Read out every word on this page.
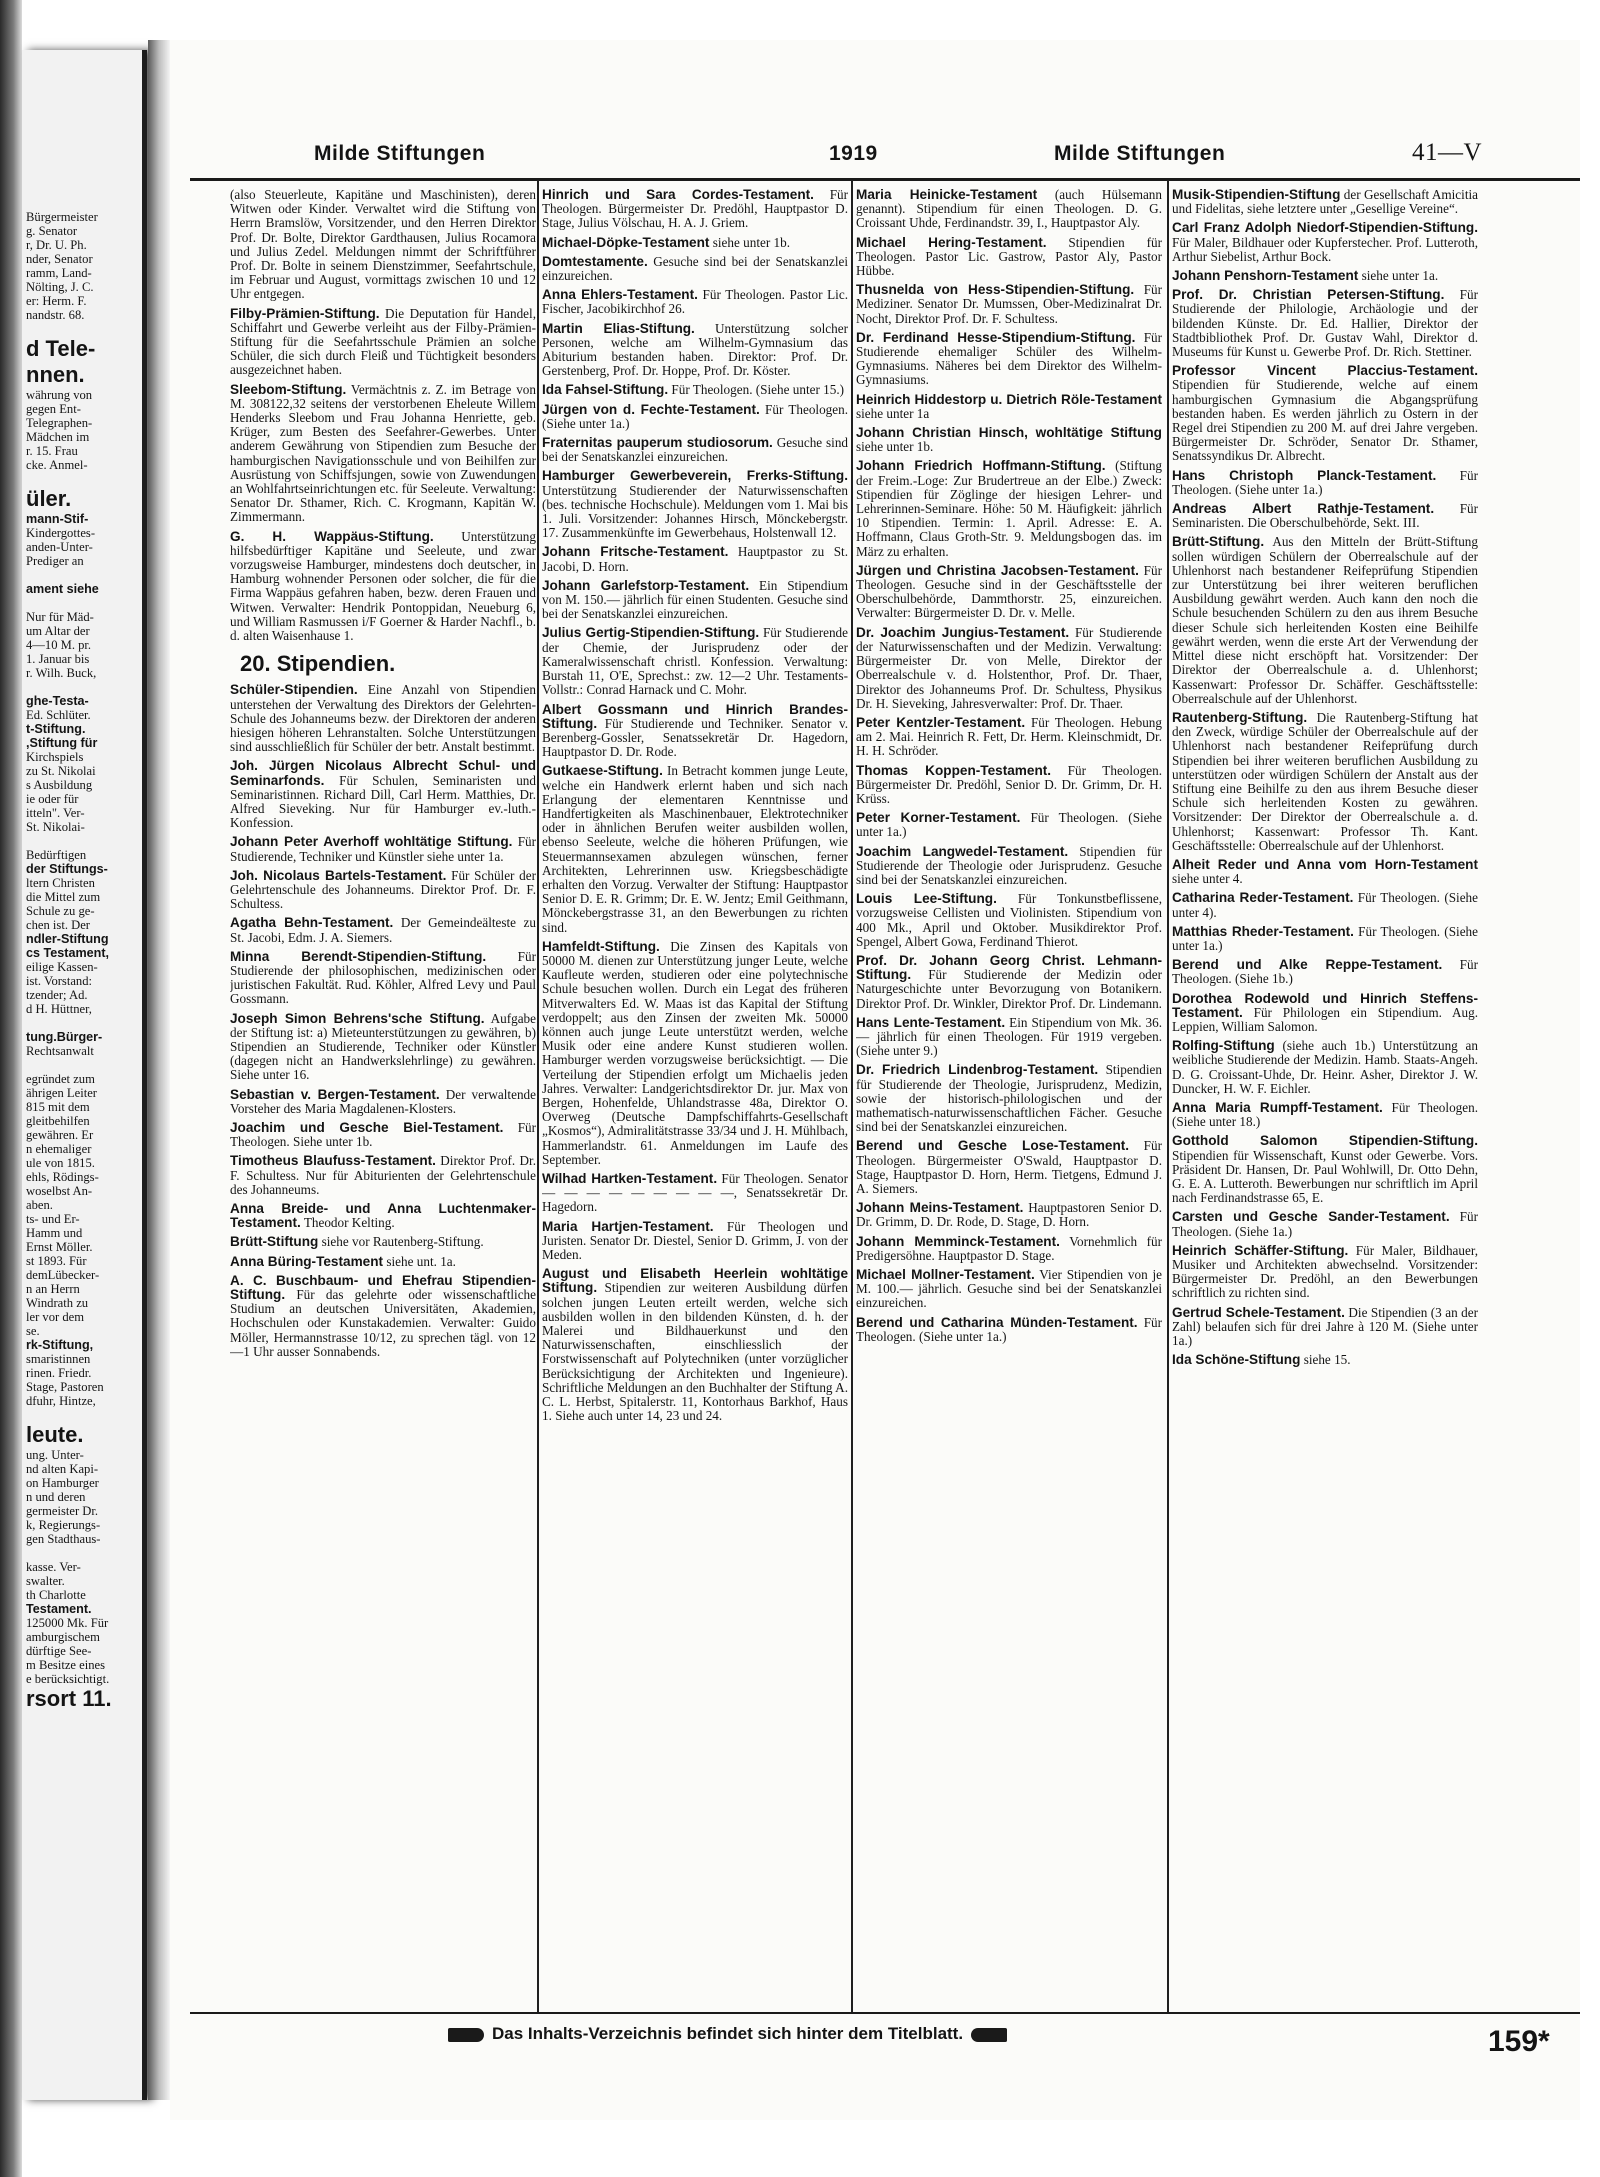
Bürgermeister
g. Senator
r, Dr. U. Ph.
nder, Senator
ramm, Land-
Nölting, J. C.
er: Herm. F.
nandstr. 68.
d Tele-
nnen.
währung von
gegen Ent-
Telegraphen-
Mädchen im
r. 15. Frau
cke. Anmel-
üler.
mann-Stif-
Kindergottes-
anden-Unter-
Prediger an
ament siehe
Nur für Mäd-
um Altar der
4—10 M. pr.
1. Januar bis
r. Wilh. Buck,
ghe-Testa-
Ed. Schlüter.
t-Stiftung.
,Stiftung für
Kirchspiels
zu St. Nikolai
s Ausbildung
ie oder für
itteln". Ver-
St. Nikolai-
Bedürftigen
der Stiftungs-
ltern Christen
die Mittel zum
Schule zu ge-
chen ist. Der
ndler-Stiftung
cs Testament,
eilige Kassen-
ist. Vorstand:
tzender; Ad.
d H. Hüttner,
tung.Bürger-
Rechtsanwalt
egründet zum
ährigen Leiter
815 mit dem
gleitbehilfen
gewähren. Er
n ehemaliger
ule von 1815.
ehls, Rödings-
woselbst An-
aben.
ts- und Er-
Hamm und
Ernst Möller.
st 1893. Für
demLübecker-
n an Herrn
Windrath zu
ler vor dem
se.
rk-Stiftung,
smaristinnen
rinen. Friedr.
Stage, Pastoren
dfuhr, Hintze,
leute.
ung. Unter-
nd alten Kapi-
on Hamburger
n und deren
germeister Dr.
k, Regierungs-
gen Stadthaus-
kasse. Ver-
swalter.
th Charlotte
Testament.
125000 Mk. Für
amburgischem
dürftige See-
m Besitze eines
e berücksichtigt.
rsort 11.
Milde Stiftungen	1919	Milde Stiftungen	41—V
(also Steuerleute, Kapitäne und Maschinisten), deren Witwen oder Kinder. Verwaltet wird die Stiftung von Herrn Bramslöw, Vorsitzender, und den Herren Direktor Prof. Dr. Bolte, Direktor Gardthausen, Julius Rocamora und Julius Zedel. Meldungen nimmt der Schriftführer Prof. Dr. Bolte in seinem Dienstzimmer, Seefahrtschule, im Februar und August, vormittags zwischen 10 und 12 Uhr entgegen.
Filby-Prämien-Stiftung. Die Deputation für Handel, Schiffahrt und Gewerbe verleiht aus der Filby-Prämien-Stiftung für die Seefahrtsschule Prämien an solche Schüler, die sich durch Fleiß und Tüchtigkeit besonders ausgezeichnet haben.
Sleebom-Stiftung. Vermächtnis z. Z. im Betrage von M. 308122,32 seitens der verstorbenen Eheleute Willem Henderks Sleebom und Frau Johanna Henriette, geb. Krüger, zum Besten des Seefahrer-Gewerbes. Unter anderem Gewährung von Stipendien zum Besuche der hamburgischen Navigationsschule und von Beihilfen zur Ausrüstung von Schiffsjungen, sowie von Zuwendungen an Wohlfahrtseinrichtungen etc. für Seeleute. Verwaltung: Senator Dr. Sthamer, Rich. C. Krogmann, Kapitän W. Zimmermann.
G. H. Wappäus-Stiftung. Unterstützung hilfsbedürftiger Kapitäne und Seeleute, und zwar vorzugsweise Hamburger, mindestens doch deutscher, in Hamburg wohnender Personen oder solcher, die für die Firma Wappäus gefahren haben, bezw. deren Frauen und Witwen. Verwalter: Hendrik Pontoppidan, Neueburg 6, und William Rasmussen i/F Goerner & Harder Nachfl., b. d. alten Waisenhause 1.
20. Stipendien.
Schüler-Stipendien. Eine Anzahl von Stipendien unterstehen der Verwaltung des Direktors der Gelehrten-Schule des Johanneums bezw. der Direktoren der anderen hiesigen höheren Lehranstalten. Solche Unterstützungen sind ausschließlich für Schüler der betr. Anstalt bestimmt.
Joh. Jürgen Nicolaus Albrecht Schul- und Seminarfonds. Für Schulen, Seminaristen und Seminaristinnen. Richard Dill, Carl Herm. Matthies, Dr. Alfred Sieveking. Nur für Hamburger ev.-luth.-Konfession.
Johann Peter Averhoff wohltätige Stiftung. Für Studierende, Techniker und Künstler siehe unter 1a.
Joh. Nicolaus Bartels-Testament. Für Schüler der Gelehrtenschule des Johanneums. Direktor Prof. Dr. F. Schultess.
Agatha Behn-Testament. Der Gemeindeälteste zu St. Jacobi, Edm. J. A. Siemers.
Minna Berendt-Stipendien-Stiftung. Für Studierende der philosophischen, medizinischen oder juristischen Fakultät. Rud. Köhler, Alfred Levy und Paul Gossmann.
Joseph Simon Behrens'sche Stiftung. Aufgabe der Stiftung ist: a) Mieteunterstützungen zu gewähren, b) Stipendien an Studierende, Techniker oder Künstler (dagegen nicht an Handwerkslehrlinge) zu gewähren. Siehe unter 16.
Sebastian v. Bergen-Testament. Der verwaltende Vorsteher des Maria Magdalenen-Klosters.
Joachim und Gesche Biel-Testament. Für Theologen. Siehe unter 1b.
Timotheus Blaufuss-Testament. Direktor Prof. Dr. F. Schultess. Nur für Abiturienten der Gelehrtenschule des Johanneums.
Anna Breide- und Anna Luchtenmaker-Testament. Theodor Kelting.
Brütt-Stiftung siehe vor Rautenberg-Stiftung.
Anna Büring-Testament siehe unt. 1a.
A. C. Buschbaum- und Ehefrau Stipendien-Stiftung. Für das gelehrte oder wissenschaftliche Studium an deutschen Universitäten, Akademien, Hochschulen oder Kunstakademien. Verwalter: Guido Möller, Hermannstrasse 10/12, zu sprechen tägl. von 12—1 Uhr ausser Sonnabends.
Hinrich und Sara Cordes-Testament. Für Theologen. Bürgermeister Dr. Predöhl, Hauptpastor D. Stage, Julius Völschau, H. A. J. Griem.
Michael-Döpke-Testament siehe unter 1b.
Domtestamente. Gesuche sind bei der Senatskanzlei einzureichen.
Anna Ehlers-Testament. Für Theologen. Pastor Lic. Fischer, Jacobikirchhof 26.
Martin Elias-Stiftung. Unterstützung solcher Personen, welche am Wilhelm-Gymnasium das Abiturium bestanden haben. Direktor: Prof. Dr. Gerstenberg, Prof. Dr. Hoppe, Prof. Dr. Köster.
Ida Fahsel-Stiftung. Für Theologen. (Siehe unter 15.)
Jürgen von d. Fechte-Testament. Für Theologen. (Siehe unter 1a.)
Fraternitas pauperum studiosorum. Gesuche sind bei der Senatskanzlei einzureichen.
Hamburger Gewerbeverein, Frerks-Stiftung. Unterstützung Studierender der Naturwissenschaften (bes. technische Hochschule). Meldungen vom 1. Mai bis 1. Juli. Vorsitzender: Johannes Hirsch, Mönckebergstr. 17. Zusammenkünfte im Gewerbehaus, Holstenwall 12.
Johann Fritsche-Testament. Hauptpastor zu St. Jacobi, D. Horn.
Johann Garlefstorp-Testament. Ein Stipendium von M. 150.— jährlich für einen Studenten. Gesuche sind bei der Senatskanzlei einzureichen.
Julius Gertig-Stipendien-Stiftung. Für Studierende der Chemie, der Jurisprudenz oder der Kameralwissenschaft christl. Konfession. Verwaltung: Burstah 11, O'E, Sprechst.: zw. 12—2 Uhr. Testaments-Vollstr.: Conrad Harnack und C. Mohr.
Albert Gossmann und Hinrich Brandes-Stiftung. Für Studierende und Techniker. Senator v. Berenberg-Gossler, Senatssekretär Dr. Hagedorn, Hauptpastor D. Dr. Rode.
Gutkaese-Stiftung. In Betracht kommen junge Leute, welche ein Handwerk erlernt haben und sich nach Erlangung der elementaren Kenntnisse und Handfertigkeiten als Maschinenbauer, Elektrotechniker oder in ähnlichen Berufen weiter ausbilden wollen, ebenso Seeleute, welche die höheren Prüfungen, wie Steuermannsexamen abzulegen wünschen, ferner Architekten, Lehrerinnen usw. Kriegsbeschädigte erhalten den Vorzug. Verwalter der Stiftung: Hauptpastor Senior D. E. R. Grimm; Dr. E. W. Jentz; Emil Geithmann, Mönckebergstrasse 31, an den Bewerbungen zu richten sind.
Hamfeldt-Stiftung. Die Zinsen des Kapitals von 50000 M. dienen zur Unterstützung junger Leute, welche Kaufleute werden, studieren oder eine polytechnische Schule besuchen wollen. Durch ein Legat des früheren Mitverwalters Ed. W. Maas ist das Kapital der Stiftung verdoppelt; aus den Zinsen der zweiten Mk. 50000 können auch junge Leute unterstützt werden, welche Musik oder eine andere Kunst studieren wollen. Hamburger werden vorzugsweise berücksichtigt. — Die Verteilung der Stipendien erfolgt um Michaelis jeden Jahres. Verwalter: Landgerichtsdirektor Dr. jur. Max von Bergen, Hohenfelde, Uhlandstrasse 48a, Direktor O. Overweg (Deutsche Dampfschiffahrts-Gesellschaft „Kosmos“), Admiralitätstrasse 33/34 und J. H. Mühlbach, Hammerlandstr. 61. Anmeldungen im Laufe des September.
Wilhad Hartken-Testament. Für Theologen. Senator — — — — — — — — —, Senatssekretär Dr. Hagedorn.
Maria Hartjen-Testament. Für Theologen und Juristen. Senator Dr. Diestel, Senior D. Grimm, J. von der Meden.
August und Elisabeth Heerlein wohltätige Stiftung. Stipendien zur weiteren Ausbildung dürfen solchen jungen Leuten erteilt werden, welche sich ausbilden wollen in den bildenden Künsten, d. h. der Malerei und Bildhauerkunst und den Naturwissenschaften, einschliesslich der Forstwissenschaft auf Polytechniken (unter vorzüglicher Berücksichtigung der Architekten und Ingenieure). Schriftliche Meldungen an den Buchhalter der Stiftung A. C. L. Herbst, Spitalerstr. 11, Kontorhaus Barkhof, Haus 1. Siehe auch unter 14, 23 und 24.
Maria Heinicke-Testament (auch Hülsemann genannt). Stipendium für einen Theologen. D. G. Croissant Uhde, Ferdinandstr. 39, I., Hauptpastor Aly.
Michael Hering-Testament. Stipendien für Theologen. Pastor Lic. Gastrow, Pastor Aly, Pastor Hübbe.
Thusnelda von Hess-Stipendien-Stiftung. Für Mediziner. Senator Dr. Mumssen, Ober-Medizinalrat Dr. Nocht, Direktor Prof. Dr. F. Schultess.
Dr. Ferdinand Hesse-Stipendium-Stiftung. Für Studierende ehemaliger Schüler des Wilhelm-Gymnasiums. Näheres bei dem Direktor des Wilhelm-Gymnasiums.
Heinrich Hiddestorp u. Dietrich Röle-Testament siehe unter 1a
Johann Christian Hinsch, wohltätige Stiftung siehe unter 1b.
Johann Friedrich Hoffmann-Stiftung. (Stiftung der Freim.-Loge: Zur Brudertreue an der Elbe.) Zweck: Stipendien für Zöglinge der hiesigen Lehrer- und Lehrerinnen-Seminare. Höhe: 50 M. Häufigkeit: jährlich 10 Stipendien. Termin: 1. April. Adresse: E. A. Hoffmann, Claus Groth-Str. 9. Meldungsbogen das. im März zu erhalten.
Jürgen und Christina Jacobsen-Testament. Für Theologen. Gesuche sind in der Geschäftsstelle der Oberschulbehörde, Dammthorstr. 25, einzureichen. Verwalter: Bürgermeister D. Dr. v. Melle.
Dr. Joachim Jungius-Testament. Für Studierende der Naturwissenschaften und der Medizin. Verwaltung: Bürgermeister Dr. von Melle, Direktor der Oberrealschule v. d. Holstenthor, Prof. Dr. Thaer, Direktor des Johanneums Prof. Dr. Schultess, Physikus Dr. H. Sieveking, Jahresverwalter: Prof. Dr. Thaer.
Peter Kentzler-Testament. Für Theologen. Hebung am 2. Mai. Heinrich R. Fett, Dr. Herm. Kleinschmidt, Dr. H. H. Schröder.
Thomas Koppen-Testament. Für Theologen. Bürgermeister Dr. Predöhl, Senior D. Dr. Grimm, Dr. H. Krüss.
Peter Korner-Testament. Für Theologen. (Siehe unter 1a.)
Joachim Langwedel-Testament. Stipendien für Studierende der Theologie oder Jurisprudenz. Gesuche sind bei der Senatskanzlei einzureichen.
Louis Lee-Stiftung. Für Tonkunstbeflissene, vorzugsweise Cellisten und Violinisten. Stipendium von 400 Mk., April und Oktober. Musikdirektor Prof. Spengel, Albert Gowa, Ferdinand Thierot.
Prof. Dr. Johann Georg Christ. Lehmann-Stiftung. Für Studierende der Medizin oder Naturgeschichte unter Bevorzugung von Botanikern. Direktor Prof. Dr. Winkler, Direktor Prof. Dr. Lindemann.
Hans Lente-Testament. Ein Stipendium von Mk. 36.— jährlich für einen Theologen. Für 1919 vergeben. (Siehe unter 9.)
Dr. Friedrich Lindenbrog-Testament. Stipendien für Studierende der Theologie, Jurisprudenz, Medizin, sowie der historisch-philologischen und der mathematisch-naturwissenschaftlichen Fächer. Gesuche sind bei der Senatskanzlei einzureichen.
Berend und Gesche Lose-Testament. Für Theologen. Bürgermeister O'Swald, Hauptpastor D. Stage, Hauptpastor D. Horn, Herm. Tietgens, Edmund J. A. Siemers.
Johann Meins-Testament. Hauptpastoren Senior D. Dr. Grimm, D. Dr. Rode, D. Stage, D. Horn.
Johann Memminck-Testament. Vornehmlich für Predigersöhne. Hauptpastor D. Stage.
Michael Mollner-Testament. Vier Stipendien von je M. 100.— jährlich. Gesuche sind bei der Senatskanzlei einzureichen.
Berend und Catharina Münden-Testament. Für Theologen. (Siehe unter 1a.)
Musik-Stipendien-Stiftung der Gesellschaft Amicitia und Fidelitas, siehe letztere unter „Gesellige Vereine“.
Carl Franz Adolph Niedorf-Stipendien-Stiftung. Für Maler, Bildhauer oder Kupferstecher. Prof. Lutteroth, Arthur Siebelist, Arthur Bock.
Johann Penshorn-Testament siehe unter 1a.
Prof. Dr. Christian Petersen-Stiftung. Für Studierende der Philologie, Archäologie und der bildenden Künste. Dr. Ed. Hallier, Direktor der Stadtbibliothek Prof. Dr. Gustav Wahl, Direktor d. Museums für Kunst u. Gewerbe Prof. Dr. Rich. Stettiner.
Professor Vincent Placcius-Testament. Stipendien für Studierende, welche auf einem hamburgischen Gymnasium die Abgangsprüfung bestanden haben. Es werden jährlich zu Ostern in der Regel drei Stipendien zu 200 M. auf drei Jahre vergeben. Bürgermeister Dr. Schröder, Senator Dr. Sthamer, Senatssyndikus Dr. Albrecht.
Hans Christoph Planck-Testament. Für Theologen. (Siehe unter 1a.)
Andreas Albert Rathje-Testament. Für Seminaristen. Die Oberschulbehörde, Sekt. III.
Brütt-Stiftung. Aus den Mitteln der Brütt-Stiftung sollen würdigen Schülern der Oberrealschule auf der Uhlenhorst nach bestandener Reifeprüfung Stipendien zur Unterstützung bei ihrer weiteren beruflichen Ausbildung gewährt werden. Auch kann den noch die Schule besuchenden Schülern zu den aus ihrem Besuche dieser Schule sich herleitenden Kosten eine Beihilfe gewährt werden, wenn die erste Art der Verwendung der Mittel diese nicht erschöpft hat. Vorsitzender: Der Direktor der Oberrealschule a. d. Uhlenhorst; Kassenwart: Professor Dr. Schäffer. Geschäftsstelle: Oberrealschule auf der Uhlenhorst.
Rautenberg-Stiftung. Die Rautenberg-Stiftung hat den Zweck, würdige Schüler der Oberrealschule auf der Uhlenhorst nach bestandener Reifeprüfung durch Stipendien bei ihrer weiteren beruflichen Ausbildung zu unterstützen oder würdigen Schülern der Anstalt aus der Stiftung eine Beihilfe zu den aus ihrem Besuche dieser Schule sich herleitenden Kosten zu gewähren. Vorsitzender: Der Direktor der Oberrealschule a. d. Uhlenhorst; Kassenwart: Professor Th. Kant. Geschäftsstelle: Oberrealschule auf der Uhlenhorst.
Alheit Reder und Anna vom Horn-Testament siehe unter 4.
Catharina Reder-Testament. Für Theologen. (Siehe unter 4).
Matthias Rheder-Testament. Für Theologen. (Siehe unter 1a.)
Berend und Alke Reppe-Testament. Für Theologen. (Siehe 1b.)
Dorothea Rodewold und Hinrich Steffens-Testament. Für Philologen ein Stipendium. Aug. Leppien, William Salomon.
Rolfing-Stiftung (siehe auch 1b.) Unterstützung an weibliche Studierende der Medizin. Hamb. Staats-Angeh. D. G. Croissant-Uhde, Dr. Heinr. Asher, Direktor J. W. Duncker, H. W. F. Eichler.
Anna Maria Rumpff-Testament. Für Theologen. (Siehe unter 18.)
Gotthold Salomon Stipendien-Stiftung. Stipendien für Wissenschaft, Kunst oder Gewerbe. Vors. Präsident Dr. Hansen, Dr. Paul Wohlwill, Dr. Otto Dehn, G. E. A. Lutteroth. Bewerbungen nur schriftlich im April nach Ferdinandstrasse 65, E.
Carsten und Gesche Sander-Testament. Für Theologen. (Siehe 1a.)
Heinrich Schäffer-Stiftung. Für Maler, Bildhauer, Musiker und Architekten abwechselnd. Vorsitzender: Bürgermeister Dr. Predöhl, an den Bewerbungen schriftlich zu richten sind.
Gertrud Schele-Testament. Die Stipendien (3 an der Zahl) belaufen sich für drei Jahre à 120 M. (Siehe unter 1a.)
Ida Schöne-Stiftung siehe 15.
Das Inhalts-Verzeichnis befindet sich hinter dem Titelblatt.	159*
